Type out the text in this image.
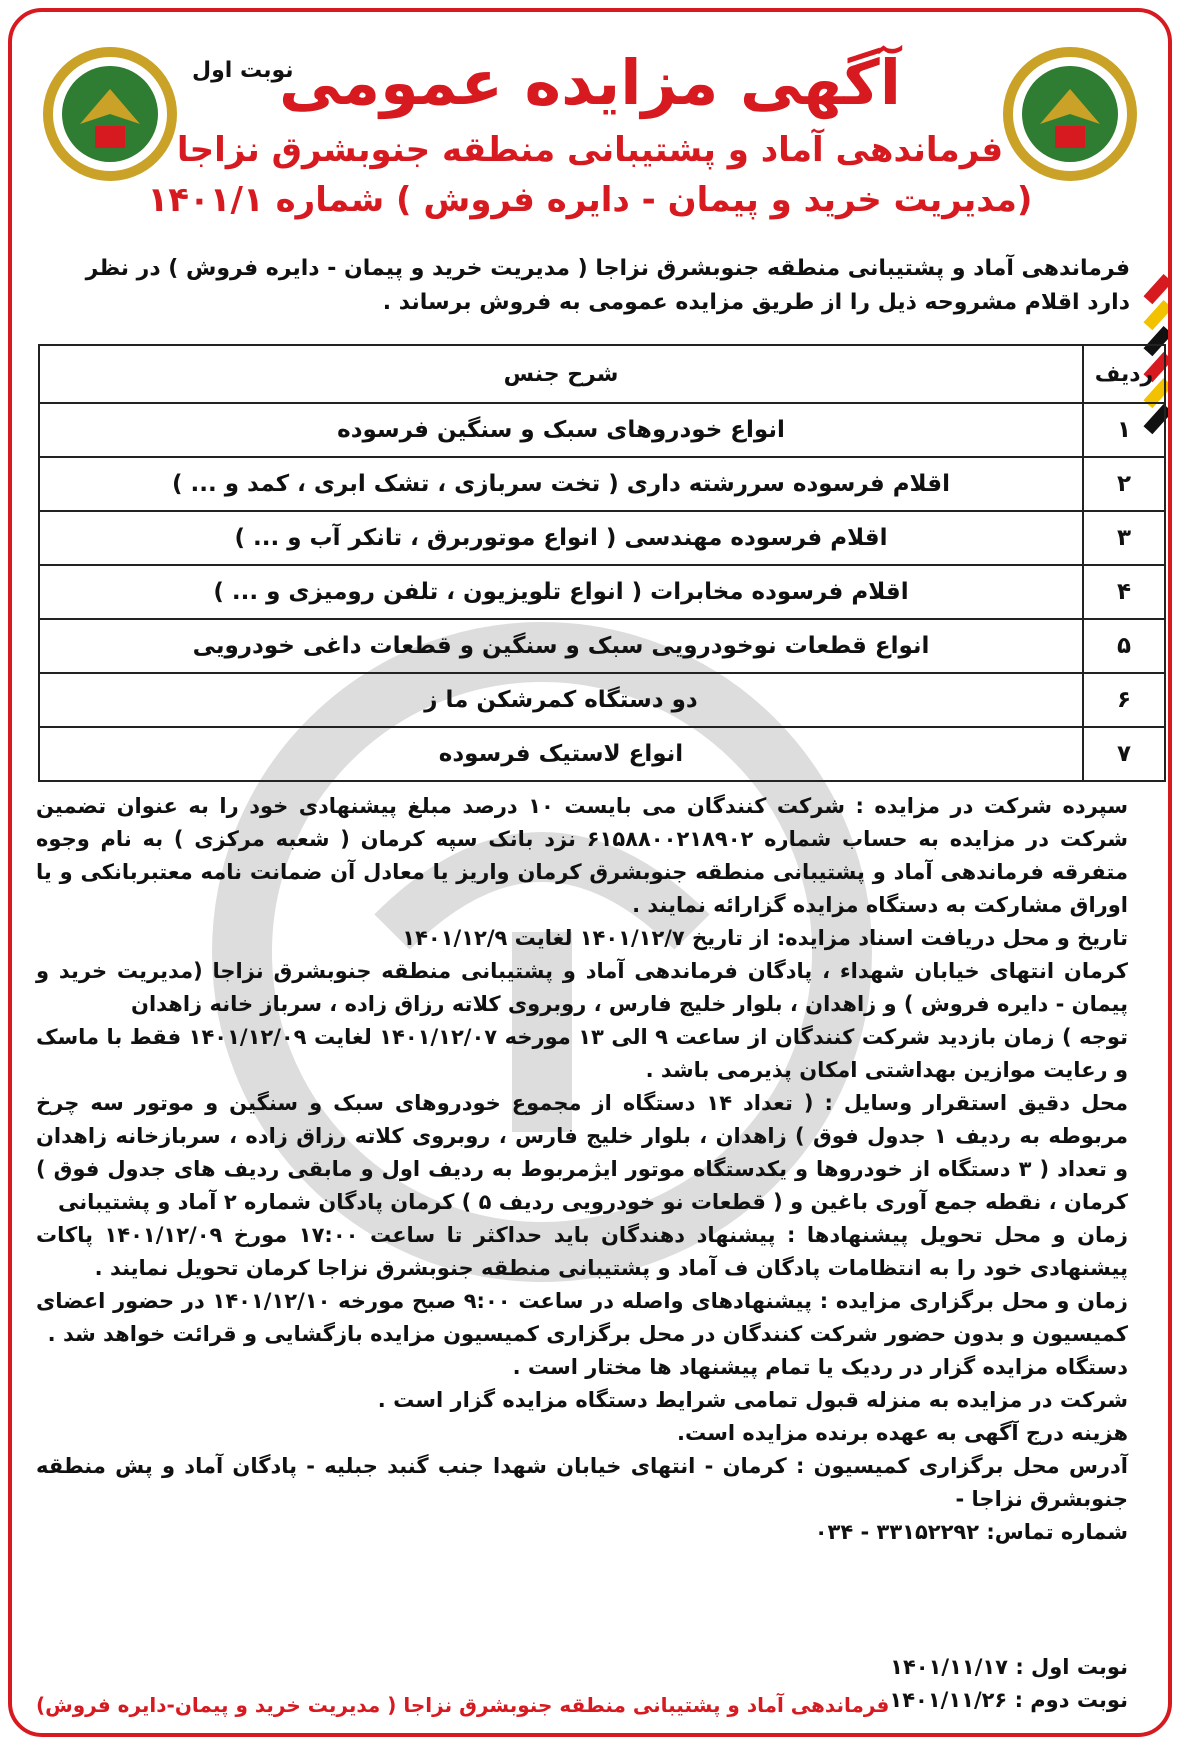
نوبت اول
آگهی مزایده عمومی
فرماندهی آماد و پشتیبانی منطقه جنوبشرق نزاجا
(مدیریت خرید و پیمان - دایره فروش ) شماره ۱۴۰۱/۱
فرماندهی آماد و پشتیبانی منطقه جنوبشرق نزاجا ( مدیریت خرید و پیمان - دایره فروش ) در نظر دارد اقلام مشروحه ذیل را از طریق مزایده عمومی به فروش برساند .
ردیف	شرح جنس
۱	انواع خودروهای سبک و سنگین فرسوده
۲	اقلام فرسوده سررشته داری ( تخت سربازی ، تشک ابری ، کمد و ... )
۳	اقلام فرسوده مهندسی ( انواع موتوربرق ، تانکر آب و ... )
۴	اقلام فرسوده مخابرات ( انواع تلویزیون ، تلفن رومیزی و ... )
۵	انواع قطعات نوخودرویی سبک و سنگین و قطعات داغی خودرویی
۶	دو دستگاه کمرشکن ما ز
۷	انواع لاستیک فرسوده

سپرده شرکت در مزایده : شرکت کنندگان می بایست ۱۰ درصد مبلغ پیشنهادی خود را به عنوان تضمین شرکت در مزایده به حساب شماره ۶۱۵۸۸۰۰۲۱۸۹۰۲ نزد بانک سپه کرمان ( شعبه مرکزی ) به نام وجوه متفرقه فرماندهی آماد و پشتیبانی منطقه جنوبشرق کرمان واریز یا معادل آن ضمانت نامه معتبربانکی و یا اوراق مشارکت به دستگاه مزایده گزارائه نمایند .

تاریخ و محل دریافت اسناد مزایده: از تاریخ ۱۴۰۱/۱۲/۷ لغایت ۱۴۰۱/۱۲/۹

کرمان انتهای خیابان شهداء ، پادگان فرماندهی آماد و پشتیبانی منطقه جنوبشرق نزاجا (مدیریت خرید و پیمان - دایره فروش ) و زاهدان ، بلوار خلیج فارس ، روبروی کلاته رزاق زاده ، سرباز خانه زاهدان

توجه ) زمان بازدید شرکت کنندگان از ساعت ۹ الی ۱۳ مورخه ۱۴۰۱/۱۲/۰۷ لغایت ۱۴۰۱/۱۲/۰۹ فقط با ماسک و رعایت موازین بهداشتی امکان پذیرمی باشد .

محل دقیق استقرار وسایل : ( تعداد ۱۴ دستگاه از مجموع خودروهای سبک و سنگین و موتور سه چرخ مربوطه به ردیف ۱ جدول فوق ) زاهدان ، بلوار خلیج فارس ، روبروی کلاته رزاق زاده ، سربازخانه زاهدان و تعداد ( ۳ دستگاه از خودروها و یکدستگاه موتور ایژمربوط به ردیف اول و مابقی ردیف های جدول فوق ) کرمان ، نقطه جمع آوری باغین و ( قطعات نو خودرویی ردیف ۵ ) کرمان پادگان شماره ۲ آماد و پشتیبانی

زمان و محل تحویل پیشنهادها : پیشنهاد دهندگان باید حداکثر تا ساعت ۱۷:۰۰ مورخ ۱۴۰۱/۱۲/۰۹ پاکات پیشنهادی خود را به انتظامات پادگان ف آماد و پشتیبانی منطقه جنوبشرق نزاجا کرمان تحویل نمایند .

زمان و محل برگزاری مزایده : پیشنهادهای واصله در ساعت ۹:۰۰ صبح مورخه ۱۴۰۱/۱۲/۱۰ در حضور اعضای کمیسیون و بدون حضور شرکت کنندگان در محل برگزاری کمیسیون مزایده بازگشایی و قرائت خواهد شد .

دستگاه مزایده گزار در ردیک یا تمام پیشنهاد ها مختار است .

شرکت در مزایده به منزله قبول تمامی شرایط دستگاه مزایده گزار است .

هزینه درج آگهی به عهده برنده مزایده است.

آدرس محل برگزاری کمیسیون : کرمان - انتهای خیابان شهدا جنب گنبد جبلیه - پادگان آماد و پش منطقه جنوبشرق نزاجا -

شماره تماس: ۳۳۱۵۲۲۹۲ - ۰۳۴

نوبت اول : ۱۴۰۱/۱۱/۱۷
نوبت دوم : ۱۴۰۱/۱۱/۲۶
فرماندهی آماد و پشتیبانی منطقه جنوبشرق نزاجا ( مدیریت خرید و پیمان-دایره فروش)
